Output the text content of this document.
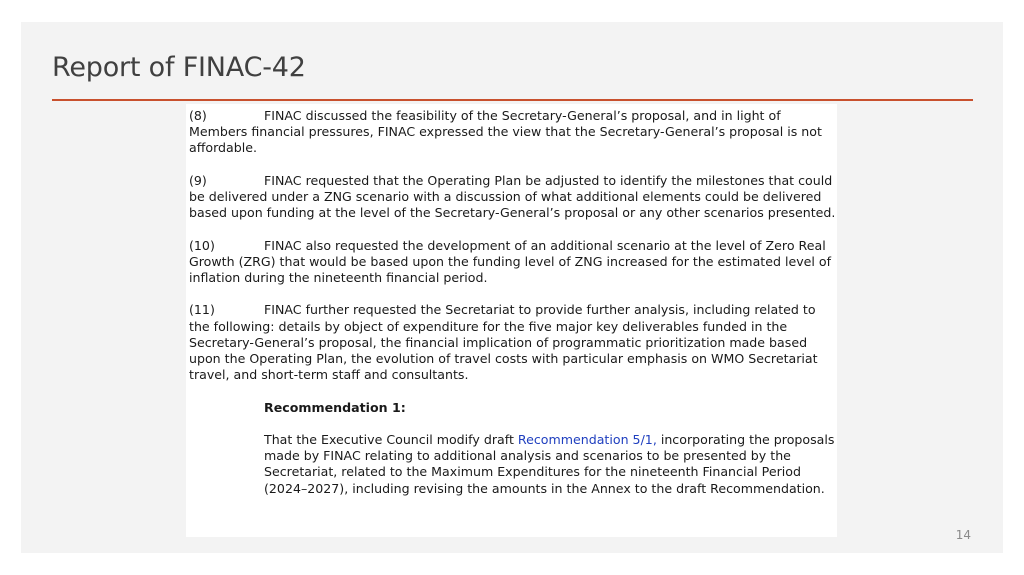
Report of FINAC-42

(8)	FINAC discussed the feasibility of the Secretary-General’s proposal, and in light of Members financial pressures, FINAC expressed the view that the Secretary-General’s proposal is not affordable.

(9)	FINAC requested that the Operating Plan be adjusted to identify the milestones that could be delivered under a ZNG scenario with a discussion of what additional elements could be delivered based upon funding at the level of the Secretary-General’s proposal or any other scenarios presented.

(10)	FINAC also requested the development of an additional scenario at the level of Zero Real Growth (ZRG) that would be based upon the funding level of ZNG increased for the estimated level of inflation during the nineteenth financial period.

(11)	FINAC further requested the Secretariat to provide further analysis, including related to the following: details by object of expenditure for the five major key deliverables funded in the Secretary-General’s proposal, the financial implication of programmatic prioritization made based upon the Operating Plan, the evolution of travel costs with particular emphasis on WMO Secretariat travel, and short-term staff and consultants.

Recommendation 1:

That the Executive Council modify draft Recommendation 5/1, incorporating the proposals made by FINAC relating to additional analysis and scenarios to be presented by the Secretariat, related to the Maximum Expenditures for the nineteenth Financial Period (2024–2027), including revising the amounts in the Annex to the draft Recommendation.

14
